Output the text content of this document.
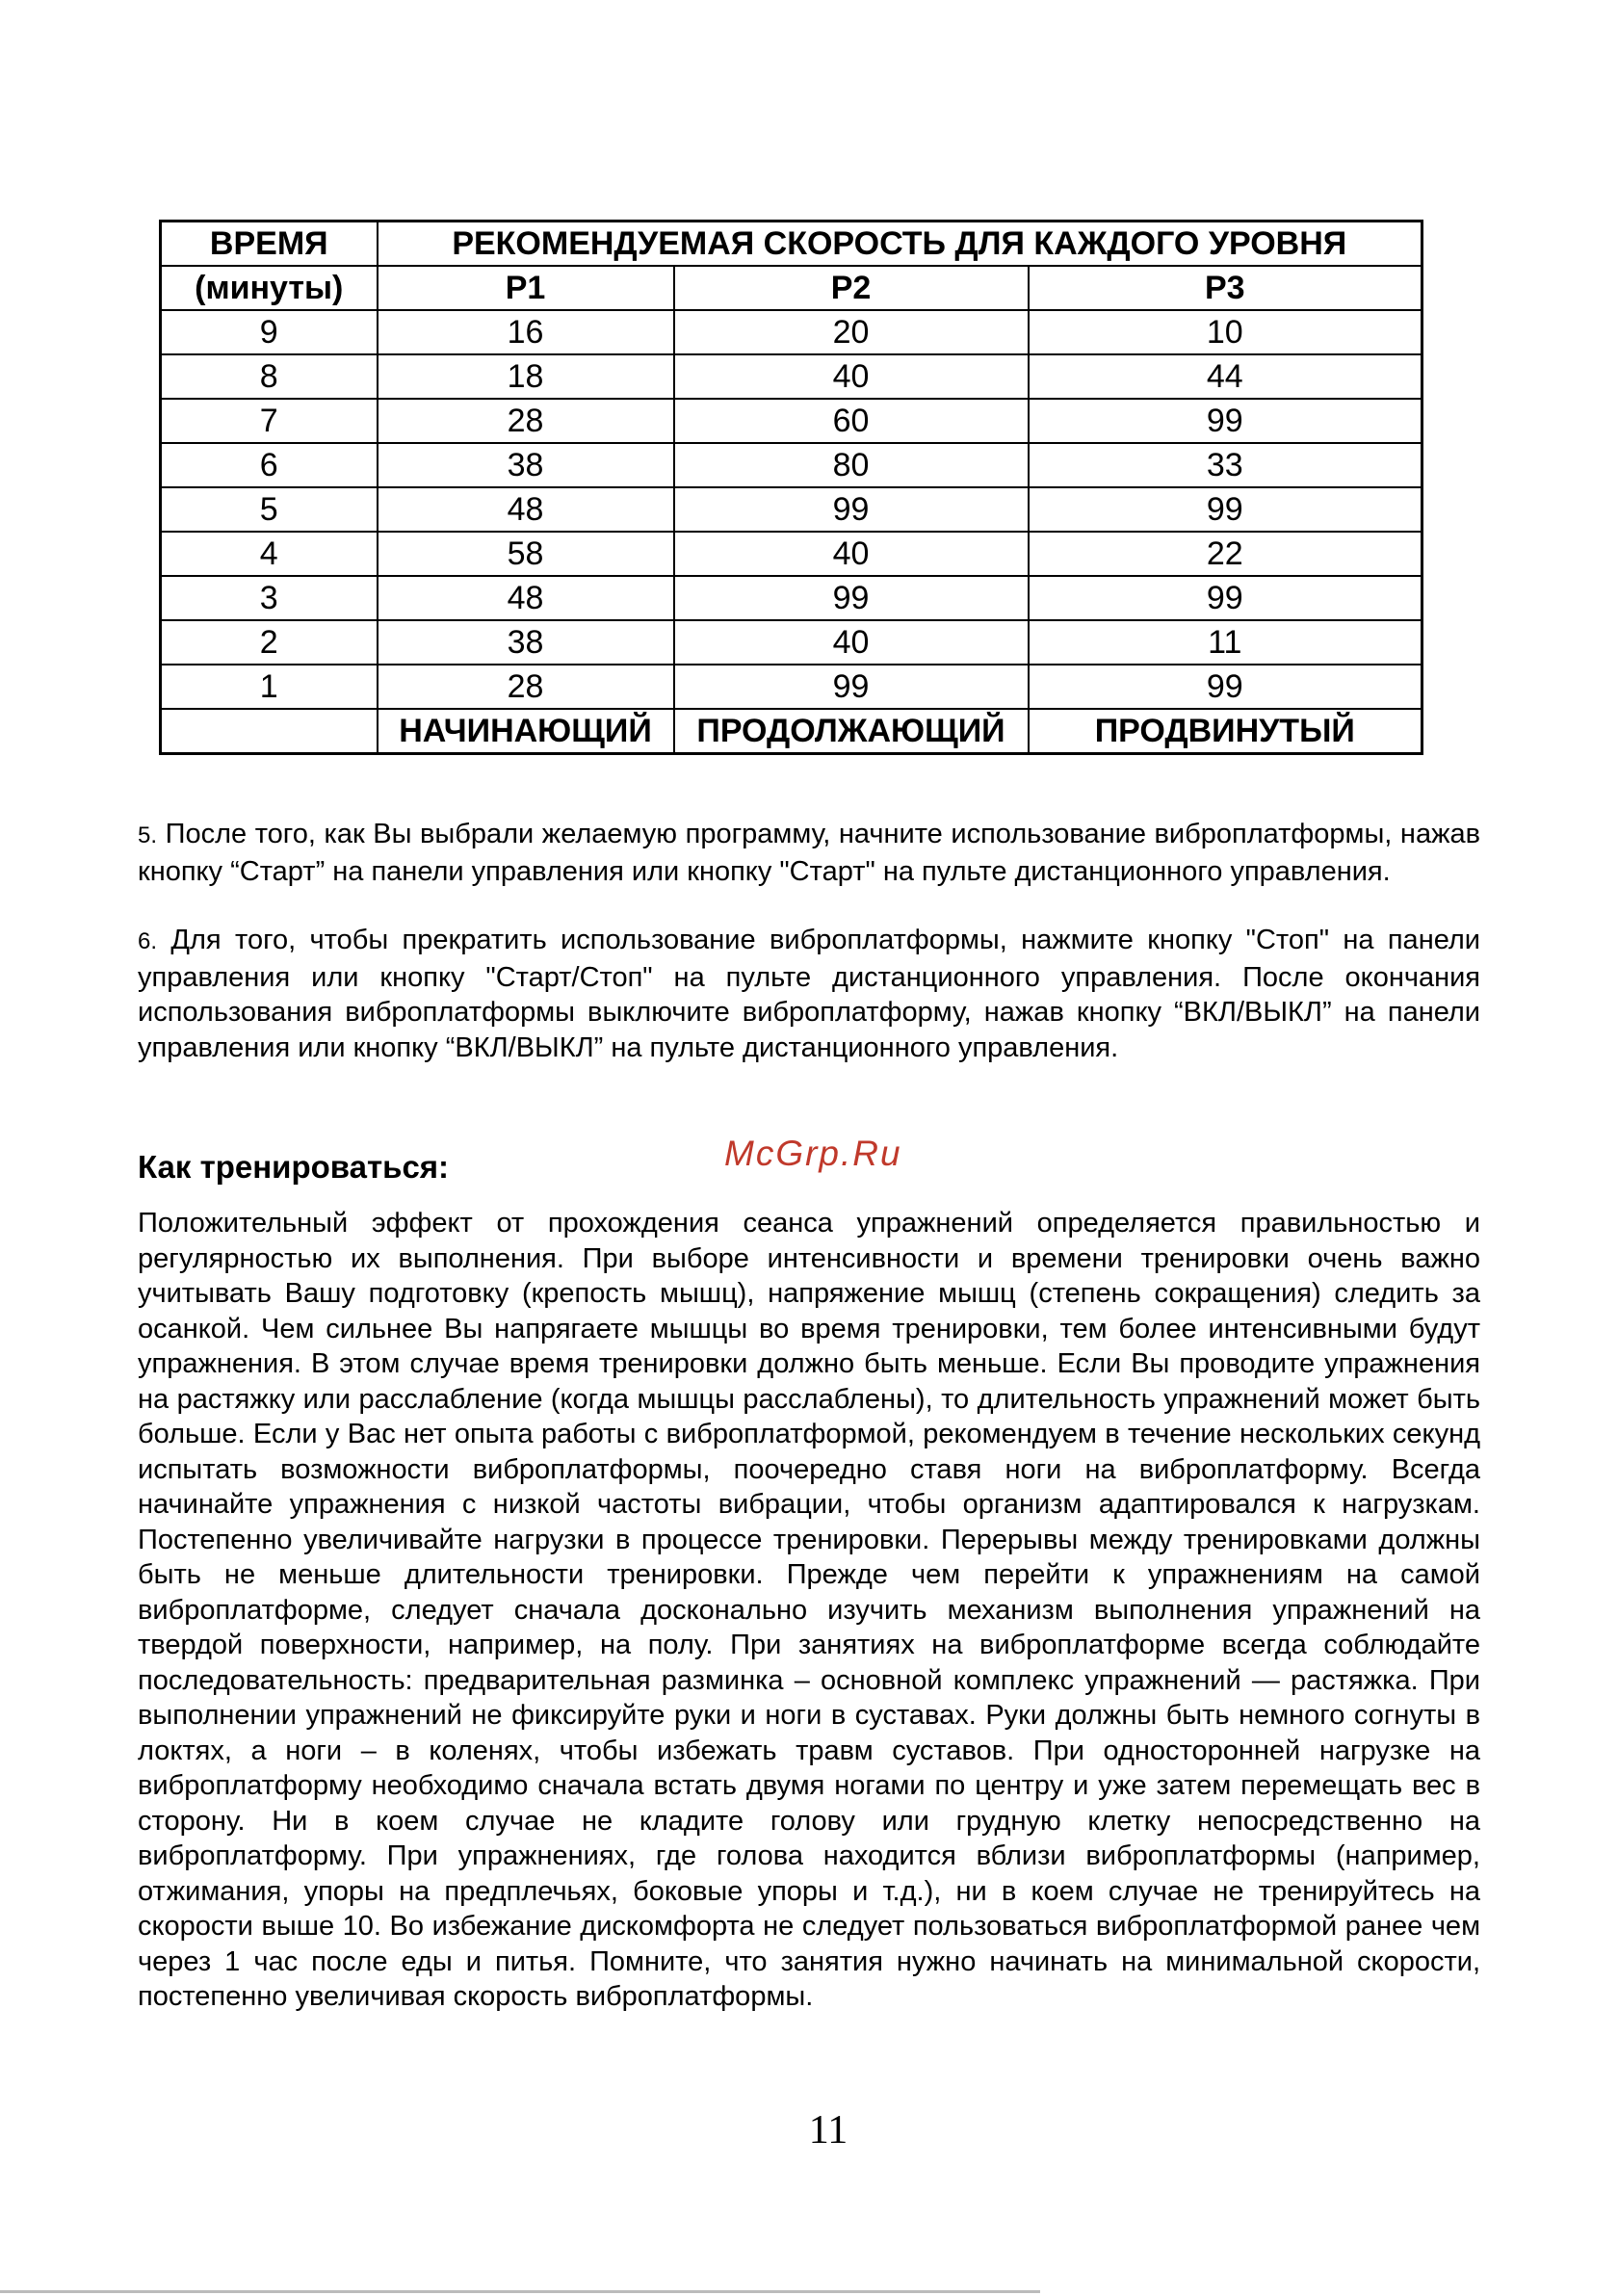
ВРЕМЯ	РЕКОМЕНДУЕМАЯ СКОРОСТЬ ДЛЯ КАЖДОГО УРОВНЯ		
(минуты)	P1	P2	P3
9	16	20	10
8	18	40	44
7	28	60	99
6	38	80	33
5	48	99	99
4	58	40	22
3	48	99	99
2	38	40	11
1	28	99	99
	НАЧИНАЮЩИЙ	ПРОДОЛЖАЮЩИЙ	ПРОДВИНУТЫЙ
5. После того, как Вы выбрали желаемую программу, начните использование виброплатформы, нажав кнопку “Старт” на панели управления или кнопку "Старт" на пульте дистанционного управления.
6. Для того, чтобы прекратить использование виброплатформы, нажмите кнопку "Стоп" на панели управления или кнопку "Старт/Стоп" на пульте дистанционного управления. После окончания использования виброплатформы выключите виброплатформу, нажав кнопку “ВКЛ/ВЫКЛ” на панели управления или кнопку “ВКЛ/ВЫКЛ” на пульте дистанционного управления.
Как тренироваться:	McGrp.Ru
Положительный эффект от прохождения сеанса упражнений определяется правильностью и регулярностью их выполнения. При выборе интенсивности и времени тренировки очень важно учитывать Вашу подготовку (крепость мышц), напряжение мышц (степень сокращения) следить за осанкой. Чем сильнее Вы напрягаете мышцы во время тренировки, тем более интенсивными будут упражнения. В этом случае время тренировки должно быть меньше. Если Вы проводите упражнения на растяжку или расслабление (когда мышцы расслаблены), то длительность упражнений может быть больше. Если у Вас нет опыта работы с виброплатформой, рекомендуем в течение нескольких секунд испытать возможности виброплатформы, поочередно ставя ноги на виброплатформу. Всегда начинайте упражнения с низкой частоты вибрации, чтобы организм адаптировался к нагрузкам. Постепенно увеличивайте нагрузки в процессе тренировки. Перерывы между тренировками должны быть не меньше длительности тренировки. Прежде чем перейти к упражнениям на самой виброплатформе, следует сначала досконально изучить механизм выполнения упражнений на твердой поверхности, например, на полу. При занятиях на виброплатформе всегда соблюдайте последовательность: предварительная разминка – основной комплекс упражнений — растяжка. При выполнении упражнений не фиксируйте руки и ноги в суставах. Руки должны быть немного согнуты в локтях, а ноги – в коленях, чтобы избежать травм суставов. При односторонней нагрузке на виброплатформу необходимо сначала встать двумя ногами по центру и уже затем перемещать вес в сторону. Ни в коем случае не кладите голову или грудную клетку непосредственно на виброплатформу. При упражнениях, где голова находится вблизи виброплатформы (например, отжимания, упоры на предплечьях, боковые упоры и т.д.), ни в коем случае не тренируйтесь на скорости выше 10. Во избежание дискомфорта не следует пользоваться виброплатформой ранее чем через 1 час после еды и питья. Помните, что занятия нужно начинать на минимальной скорости, постепенно увеличивая скорость виброплатформы.
11
